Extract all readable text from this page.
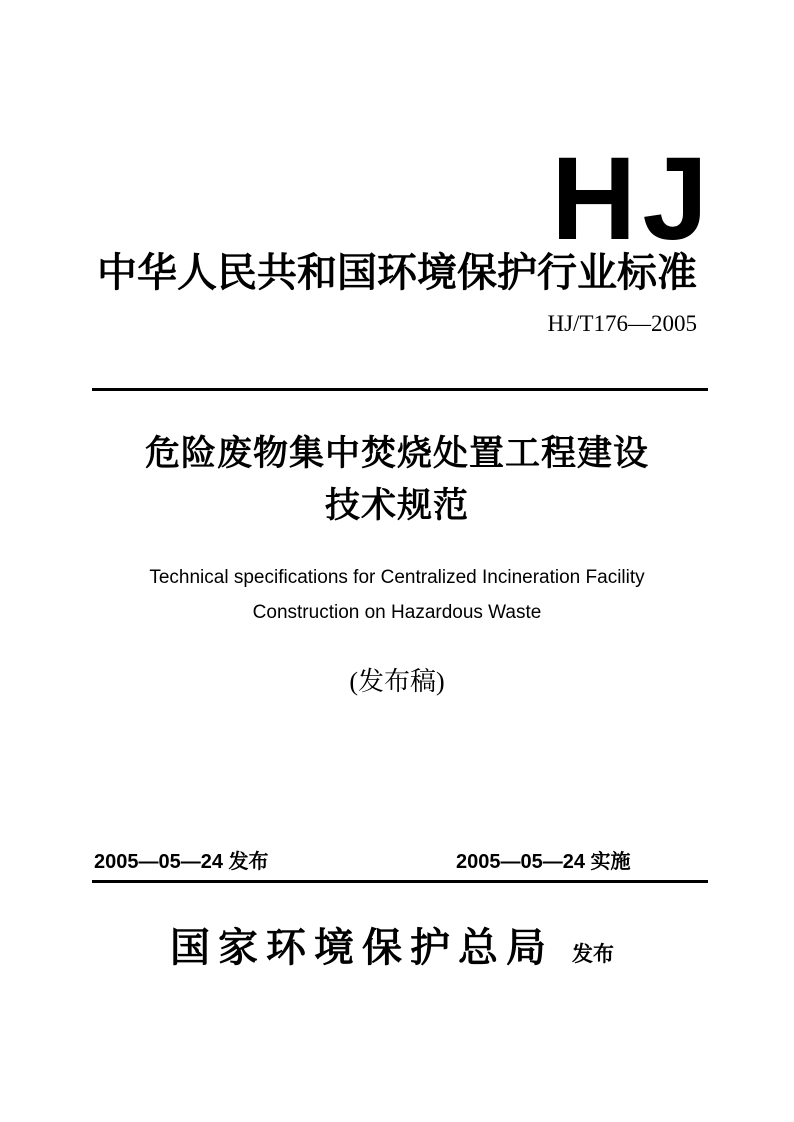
HJ
中华人民共和国环境保护行业标准
HJ/T176—2005
危险废物集中焚烧处置工程建设
技术规范
Technical specifications for Centralized Incineration Facility
Construction on Hazardous Waste
(发布稿)
2005—05—24 发布	2005—05—24 实施
国家环境保护总局 发布
